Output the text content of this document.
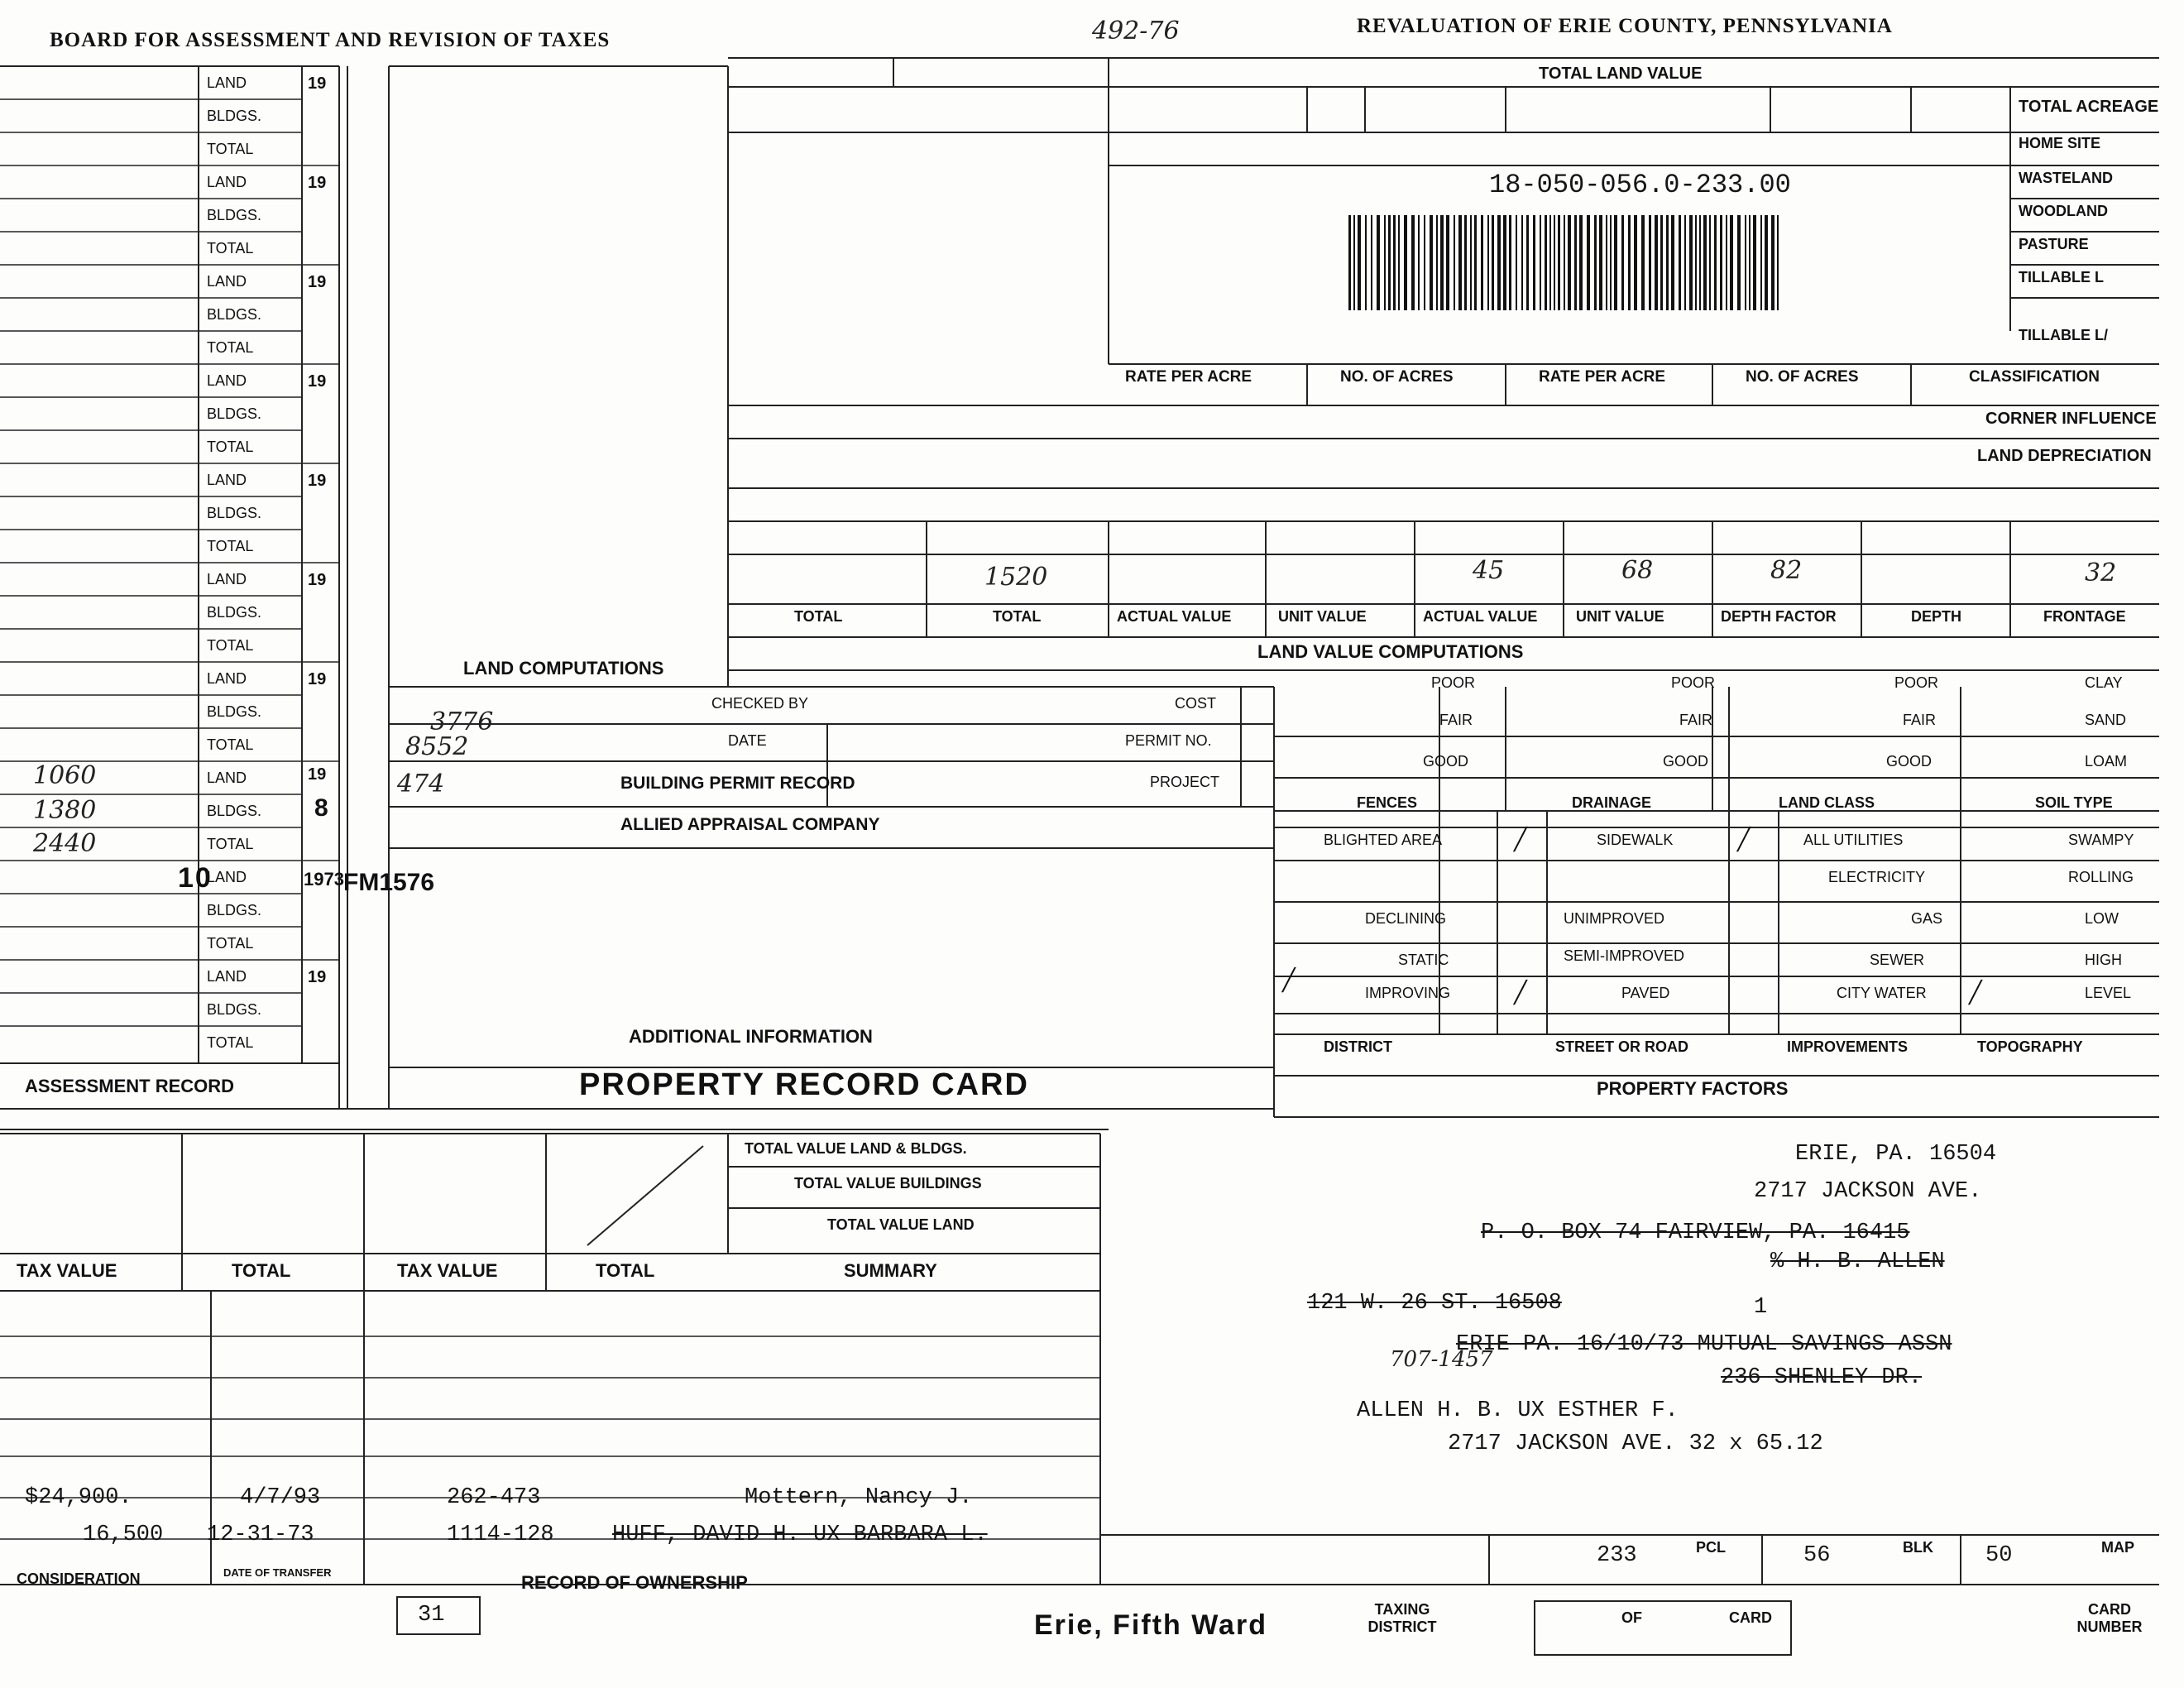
BOARD FOR ASSESSMENT AND REVISION OF TAXES
REVALUATION OF ERIE COUNTY, PENNSYLVANIA
492-76
ASSESSMENT RECORD
LAND
BLDGS.
TOTAL
19
LAND
BLDGS.
TOTAL
19
LAND
BLDGS.
TOTAL
19
LAND
BLDGS.
TOTAL
19
LAND
BLDGS.
TOTAL
19
LAND
BLDGS.
TOTAL
19
LAND
BLDGS.
TOTAL
19
LAND
BLDGS.
TOTAL
19
8
1060
1380
2440
LAND
BLDGS.
TOTAL
1973 FM1576
10
LAND
BLDGS.
TOTAL
19
PROPERTY RECORD CARD
ADDITIONAL INFORMATION
ALLIED APPRAISAL COMPANY
BUILDING PERMIT RECORD
PERMIT NO.
DATE
COST
CHECKED BY
PROJECT
474
8552
3776
LAND COMPUTATIONS
TOTAL LAND VALUE
TOTAL ACREAGE
HOME SITE
WASTELAND
WOODLAND
PASTURE
TILLABLE L
TILLABLE L/
CLASSIFICATION
NO. OF ACRES
RATE PER ACRE
NO. OF ACRES
RATE PER ACRE
18-050-056.0-233.00
CORNER INFLUENCE
LAND DEPRECIATION
LAND VALUE COMPUTATIONS
FRONTAGE
DEPTH
DEPTH FACTOR
UNIT VALUE
ACTUAL VALUE
UNIT VALUE
ACTUAL VALUE
TOTAL
TOTAL
32
82
68
45
1520
PROPERTY FACTORS
TOPOGRAPHY
IMPROVEMENTS
STREET OR ROAD
DISTRICT
LEVEL
HIGH
LOW
ROLLING
SWAMPY
CITY WATER
SEWER
GAS
ELECTRICITY
ALL UTILITIES
╱
╱
PAVED
SEMI-IMPROVED
UNIMPROVED
SIDEWALK
╱
╱
IMPROVING
STATIC
DECLINING
BLIGHTED AREA
╱
SOIL TYPE
LAND CLASS
DRAINAGE
FENCES
LOAM
SAND
CLAY
GOOD
FAIR
POOR
GOOD
FAIR
POOR
GOOD
FAIR
POOR
2717 JACKSON AVE. 32 x 65.12
ALLEN H. B. UX ESTHER F.
236 SHENLEY DR.
ERIE PA. 16/10/73 MUTUAL SAVINGS ASSN
121 W. 26 ST. 16508
% H. B. ALLEN
P. O. BOX 74 FAIRVIEW, PA. 16415
2717 JACKSON AVE.
ERIE, PA. 16504
707-1457
1
SUMMARY
TOTAL
TAX VALUE
TOTAL
TAX VALUE
TOTAL VALUE LAND
TOTAL VALUE BUILDINGS
TOTAL VALUE LAND & BLDGS.
RECORD OF OWNERSHIP
DATE OF TRANSFER
CONSIDERATION
HUFF, DAVID H. UX BARBARA L.
1114-128
12-31-73
16,500
Mottern, Nancy J.
262-473
4/7/93
$24,900.
MAP
50
BLK
56
PCL
233
CARD NUMBER
CARD
OF
TAXING DISTRICT
Erie, Fifth Ward
31
